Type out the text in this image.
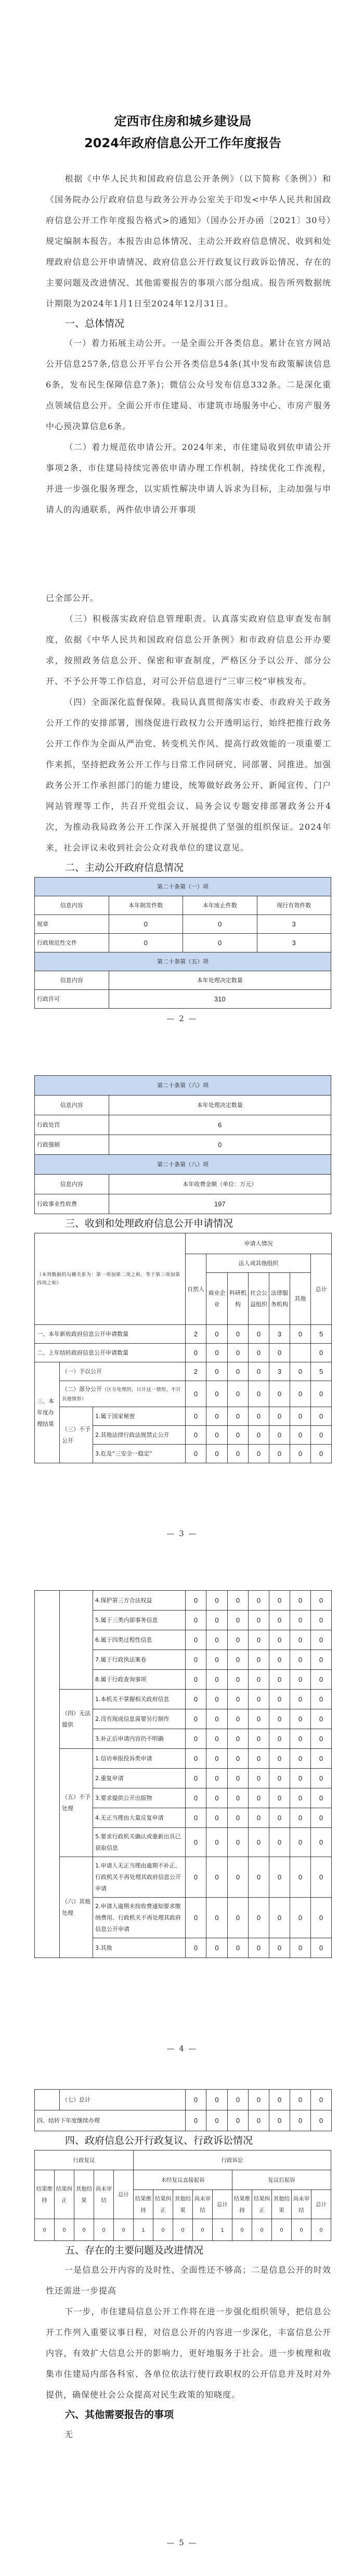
定西市住房和城乡建设局
2024年政府信息公开工作年度报告
根据《中华人民共和国政府信息公开条例》（以下简称《条例》）和《国务院办公厅政府信息与政务公开办公室关于印发<中华人民共和国政府信息公开工作年度报告格式>的通知》（国办公开办函〔2021〕30号）规定编制本报告。本报告由总体情况、主动公开政府信息情况、收到和处理政府信息公开申请情况、政府信息公开行政复议行政诉讼情况、存在的主要问题及改进情况、其他需要报告的事项六部分组成。报告所列数据统计期限为2024年1月1日至2024年12月31日。
一、总体情况
（一）着力拓展主动公开。一是全面公开各类信息。累计在官方网站公开信息257条,信息公开平台公开各类信息54条(其中发布政策解读信息6条，发布民生保障信息7条)；微信公众号发布信息332条。二是深化重点领域信息公开。全面公开市住建局、市建筑市场服务中心、市房产服务中心预决算信息6条。
（二）着力规范依申请公开。2024年来，市住建局收到依申请公开事项2条，市住建局持续完善依申请办理工作机制，持续优化工作流程，并进一步强化服务理念，以实质性解决申请人诉求为目标，主动加强与申请人的沟通联系，两件依申请公开事项
已全部公开。
（三）积极落实政府信息管理职责。认真落实政府信息审查发布制度，依据《中华人民共和国政府信息公开条例》和市政府信息公开办要求，按照政务信息公开、保密和审查制度，严格区分予以公开、部分公开、不予公开等工作信息，对可公开信息进行“三审三校”审核发布。
（四）全面深化监督保障。我局认真贯彻落实市委、市政府关于政务公开工作的安排部署，围绕促进行政权力公开透明运行，始终把推行政务公开工作作为全面从严治党、转变机关作风、提高行政效能的一项重要工作来抓，坚持把政务公开工作与日常工作同研究、同部署、同推进。加强政务公开工作承担部门的能力建设，统筹做好政务公开、新闻宣传、门户网站管理等工作，共召开党组会议、局务会议专题安排部署政务公开4次，为推动我局政务公开工作深入开展提供了坚强的组织保证。2024年来，社会评议未收到社会公众对我单位的建议意见。
二、主动公开政府信息情况
第二十条第（一）项			
信息内容	本年制发件数	本年废止件数	现行有效件数
规章	0	0	3
行政规范性文件	0	0	3
第二十条第（五）项			
信息内容	本年处理决定数量		
行政许可	310		
— 2 —
第二十条第（六）项	
信息内容	本年处理决定数量
行政处罚	6
行政强制	0
第二十条第（八）项	
信息内容	本年收费金额（单位：万元）
行政事业性收费	197
三、收到和处理政府信息公开申请情况
（本列数据的勾稽关系为：第一项加第二项之和，等于第三项加第四项之和）			申请人情况						
			自然人	法人或其他组织					总计
				商业企业	科研机构	社会公益组织	法律服务机构	其他	
一、本年新收政府信息公开申请数量			2	0	0	0	3	0	5
二、上年结转政府信息公开申请数量			0	0	0	0	0		0
三、本年度办理结果	（一）予以公开		2	0	0	0	3	0	5
	（二）部分公开（区分处理的，只计这一情形，不计其他情形）		0	0	0	0	0	0	0
	（三）不予公开	1.属于国家秘密	0	0	0	0	0	0	0
		2.其他法律行政法规禁止公开	0	0	0	0	0	0	0
		3.危及“三安全一稳定”	0	0	0	0	0	0	0
— 3 —
		4.保护第三方合法权益	0	0	0	0	0	0	0
		5.属于三类内部事务信息	0	0	0	0	0	0	0
		6.属于四类过程性信息	0	0	0	0	0	0	0
		7.属于行政执法案卷	0	0	0	0	0	0	0
		8.属于行政查询事项	0	0	0	0	0	0	0
	（四）无法提供	1.本机关不掌握相关政府信息	0	0	0	0	0	0	0
		2.没有现成信息需要另行制作	0	0	0	0	0	0	0
		3.补正后申请内容仍不明确	0	0	0	0	0	0	0
	（五）不予处理	1.信访举报投诉类申请	0	0	0	0	0	0	0
		2.重复申请	0	0	0	0	0	0	0
		3.要求提供公开出版物	0	0	0	0	0	0	0
		4.无正当理由大量反复申请	0	0	0	0	0	0	0
		5.要求行政机关确认或重新出具已获取信息	0	0	0	0	0	0	0
	（六）其他处理	1.申请人无正当理由逾期不补正、行政机关不再处理其政府信息公开申请	0	0	0	0	0	0	0
		2.申请人逾期未按收费通知要求缴纳费用、行政机关不再处理其政府信息公开申请	0	0	0	0	0	0	0
		3.其他	0	0	0	0	0	0	0
— 4 —
	（七）总计	0	0	0	0	0	0	0
四、结转下年度继续办理		0	0	0	0	0	0	0
四、政府信息公开行政复议、行政诉讼情况
行政复议					行政诉讼									
结果维持	结果纠正	其他结果	尚未审结	总计	未经复议直接起诉					复议后起诉				
					结果维持	结果纠正	其他结果	尚未审结	总计	结果维持	结果纠正	其他结果	尚未审结	总计
0	0	0	0	0	1	0	0	0	1	0	0	0	0	0
五、存在的主要问题及改进情况
一是信息公开内容的及时性、全面性还不够高；二是信息公开的时效性还需进一步提高
下一步，市住建局信息公开工作将在进一步强化组织领导，把信息公开工作列入重要议事日程，对信息公开的内容进一步深化，丰富信息公开内容，有效扩大信息公开的影响力，更好地服务于社会。进一步梳理和收集市住建局内部各科室、各单位依法行使行政职权的公开信息并及时对外提供，确保使社会公众提高对民生政策的知晓度。
六、其他需要报告的事项
无
— 5 —
